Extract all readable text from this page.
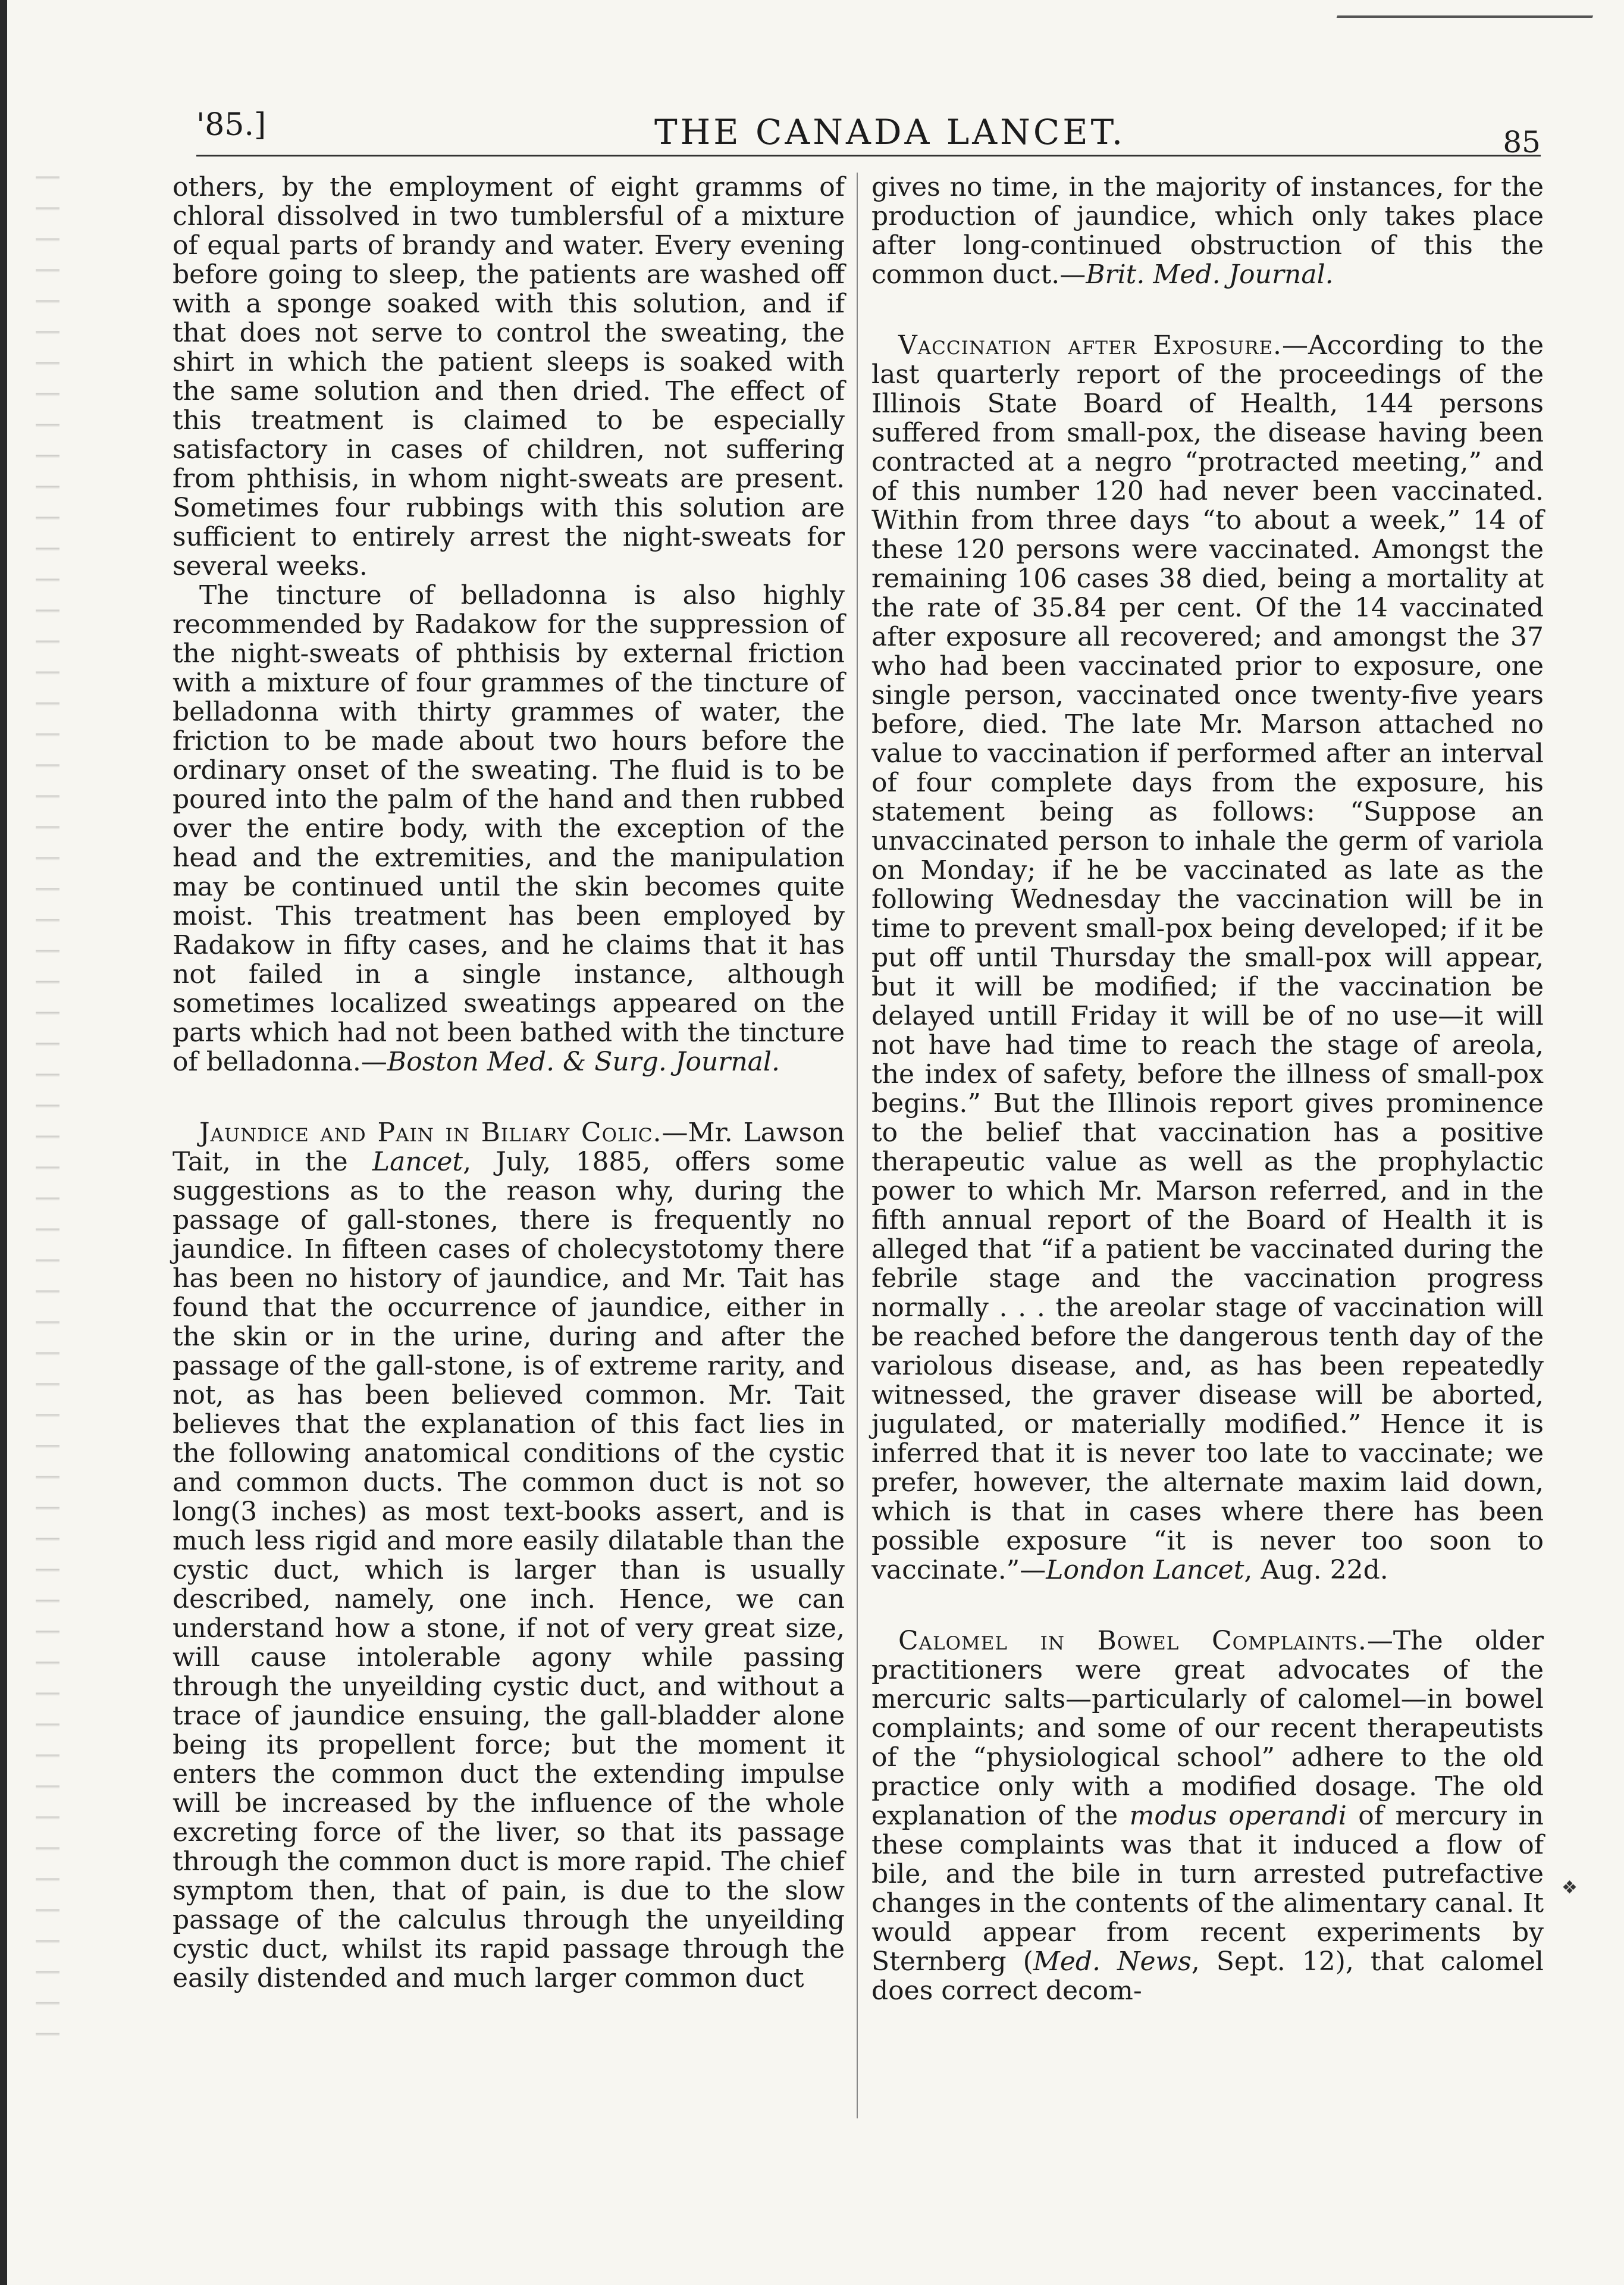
'85.]	THE CANADA LANCET.	85

others, by the employment of eight gramms of chloral dissolved in two tumblersful of a mixture of equal parts of brandy and water. Every evening before going to sleep, the patients are washed off with a sponge soaked with this solution, and if that does not serve to control the sweating, the shirt in which the patient sleeps is soaked with the same solution and then dried. The effect of this treatment is claimed to be especially satisfactory in cases of children, not suffering from phthisis, in whom night-sweats are present. Sometimes four rubbings with this solution are sufficient to entirely arrest the night-sweats for several weeks.

The tincture of belladonna is also highly recommended by Radakow for the suppression of the night-sweats of phthisis by external friction with a mixture of four grammes of the tincture of belladonna with thirty grammes of water, the friction to be made about two hours before the ordinary onset of the sweating. The fluid is to be poured into the palm of the hand and then rubbed over the entire body, with the exception of the head and the extremities, and the manipulation may be continued until the skin becomes quite moist. This treatment has been employed by Radakow in fifty cases, and he claims that it has not failed in a single instance, although sometimes localized sweatings appeared on the parts which had not been bathed with the tincture of belladonna.—Boston Med. & Surg. Journal.

Jaundice and Pain in Biliary Colic.—Mr. Lawson Tait, in the Lancet, July, 1885, offers some suggestions as to the reason why, during the passage of gall-stones, there is frequently no jaundice. In fifteen cases of cholecystotomy there has been no history of jaundice, and Mr. Tait has found that the occurrence of jaundice, either in the skin or in the urine, during and after the passage of the gall-stone, is of extreme rarity, and not, as has been believed common. Mr. Tait believes that the explanation of this fact lies in the following anatomical conditions of the cystic and common ducts. The common duct is not so long(3 inches) as most text-books assert, and is much less rigid and more easily dilatable than the cystic duct, which is larger than is usually described, namely, one inch. Hence, we can understand how a stone, if not of very great size, will cause intolerable agony while passing through the unyeilding cystic duct, and without a trace of jaundice ensuing, the gall-bladder alone being its propellent force; but the moment it enters the common duct the extending impulse will be increased by the influence of the whole excreting force of the liver, so that its passage through the common duct is more rapid. The chief symptom then, that of pain, is due to the slow passage of the calculus through the unyeilding cystic duct, whilst its rapid passage through the easily distended and much larger common duct

gives no time, in the majority of instances, for the production of jaundice, which only takes place after long-continued obstruction of this the common duct.—Brit. Med. Journal.

Vaccination after Exposure.—According to the last quarterly report of the proceedings of the Illinois State Board of Health, 144 persons suffered from small-pox, the disease having been contracted at a negro “protracted meeting,” and of this number 120 had never been vaccinated. Within from three days “to about a week,” 14 of these 120 persons were vaccinated. Amongst the remaining 106 cases 38 died, being a mortality at the rate of 35.84 per cent. Of the 14 vaccinated after exposure all recovered; and amongst the 37 who had been vaccinated prior to exposure, one single person, vaccinated once twenty-five years before, died. The late Mr. Marson attached no value to vaccination if performed after an interval of four complete days from the exposure, his statement being as follows: “Suppose an unvaccinated person to inhale the germ of variola on Monday; if he be vaccinated as late as the following Wednesday the vaccination will be in time to prevent small-pox being developed; if it be put off until Thursday the small-pox will appear, but it will be modified; if the vaccination be delayed untill Friday it will be of no use—it will not have had time to reach the stage of areola, the index of safety, before the illness of small-pox begins.” But the Illinois report gives prominence to the belief that vaccination has a positive therapeutic value as well as the prophylactic power to which Mr. Marson referred, and in the fifth annual report of the Board of Health it is alleged that “if a patient be vaccinated during the febrile stage and the vaccination progress normally . . . the areolar stage of vaccination will be reached before the dangerous tenth day of the variolous disease, and, as has been repeatedly witnessed, the graver disease will be aborted, jugulated, or materially modified.” Hence it is inferred that it is never too late to vaccinate; we prefer, however, the alternate maxim laid down, which is that in cases where there has been possible exposure “it is never too soon to vaccinate.”—London Lancet, Aug. 22d.

Calomel in Bowel Complaints.—The older practitioners were great advocates of the mercuric salts—particularly of calomel—in bowel complaints; and some of our recent therapeutists of the “physiological school” adhere to the old practice only with a modified dosage. The old explanation of the modus operandi of mercury in these complaints was that it induced a flow of bile, and the bile in turn arrested putrefactive changes in the contents of the alimentary canal. It would appear from recent experiments by Sternberg (Med. News, Sept. 12), that calomel does correct decom-

❖
